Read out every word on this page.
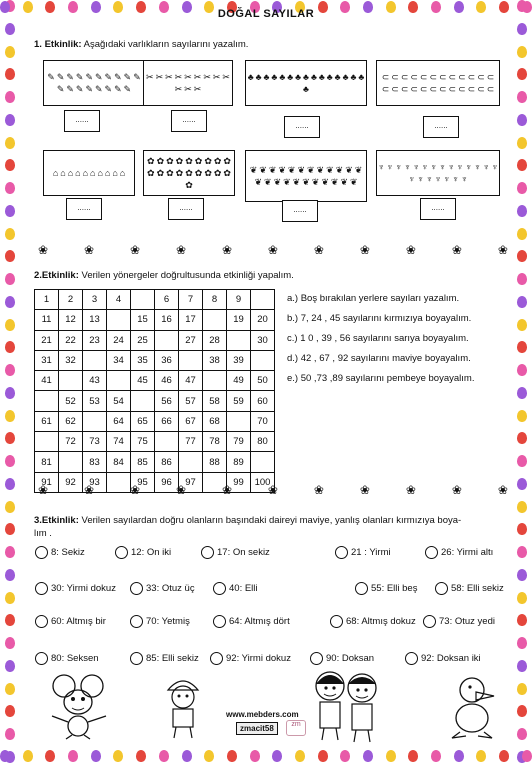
DOĞAL SAYILAR
1. Etkinlik: Aşağıdaki varlıkların sayılarını yazalım.
✎ ✎ ✎ ✎ ✎ ✎ ✎ ✎ ✎ ✎
✎ ✎ ✎ ✎ ✎ ✎ ✎ ✎
......
✂ ✂ ✂ ✂ ✂ ✂ ✂ ✂ ✂
✂ ✂ ✂
......
♣ ♣ ♣ ♣ ♣ ♣ ♣ ♣ ♣ ♣ ♣ ♣ ♣ ♣ ♣
♣
......
⊂ ⊂ ⊂ ⊂ ⊂ ⊂ ⊂ ⊂ ⊂ ⊂ ⊂ ⊂
⊂ ⊂ ⊂ ⊂ ⊂ ⊂ ⊂ ⊂ ⊂ ⊂ ⊂ ⊂
......
⌂ ⌂ ⌂ ⌂ ⌂ ⌂ ⌂ ⌂ ⌂ ⌂
......
✿ ✿ ✿ ✿ ✿ ✿ ✿ ✿ ✿
✿ ✿ ✿ ✿ ✿ ✿ ✿ ✿ ✿
✿
......
❦ ❦ ❦ ❦ ❦ ❦ ❦ ❦ ❦ ❦ ❦ ❦
❦ ❦ ❦ ❦ ❦ ❦ ❦ ❦ ❦ ❦ ❦
......
♆ ♆ ♆ ♆ ♆ ♆ ♆ ♆ ♆ ♆ ♆ ♆ ♆ ♆
♆ ♆ ♆ ♆ ♆ ♆ ♆
......
❀	❀	❀	❀	❀	❀	❀	❀	❀	❀	❀
2.Etkinlik: Verilen yönergeler doğrultusunda etkinliği yapalım.
1	2	3	4		6	7	8	9	
11	12	13		15	16	17		19	20
21	22	23	24	25		27	28		30
31	32		34	35	36		38	39	
41		43		45	46	47		49	50
	52	53	54		56	57	58	59	60
61	62		64	65	66	67	68		70
	72	73	74	75		77	78	79	80
81		83	84	85	86		88	89	
91	92	93		95	96	97		99	100
a.) Boş bırakılan yerlere sayıları yazalım.
b.) 7, 24 , 45 sayılarını kırmızıya boyayalım.
c.) 1 0 , 39 , 56 sayılarını sarıya boyayalım.
d.) 42 , 67 , 92 sayılarını maviye boyayalım.
e.) 50 ,73 ,89 sayılarını pembeye boyayalım.
❀	❀	❀	❀	❀	❀	❀	❀	❀	❀	❀
3.Etkinlik: Verilen sayılardan doğru olanların başındaki daireyi maviye, yanlış olanları kırmızıya boya-
lım .
8: Sekiz	12: On iki	17: On sekiz	21 : Yirmi	26: Yirmi altı
30: Yirmi dokuz	33: Otuz üç	40: Elli	55: Elli beş	58: Elli sekiz
60: Altmış bir	70: Yetmiş	64: Altmış dört	68: Altmış dokuz 73: Otuz yedi
80: Seksen	85: Elli sekiz	92: Yirmi dokuz	90: Doksan	92: Doksan iki
www.mebders.com
zmacit58	zm
